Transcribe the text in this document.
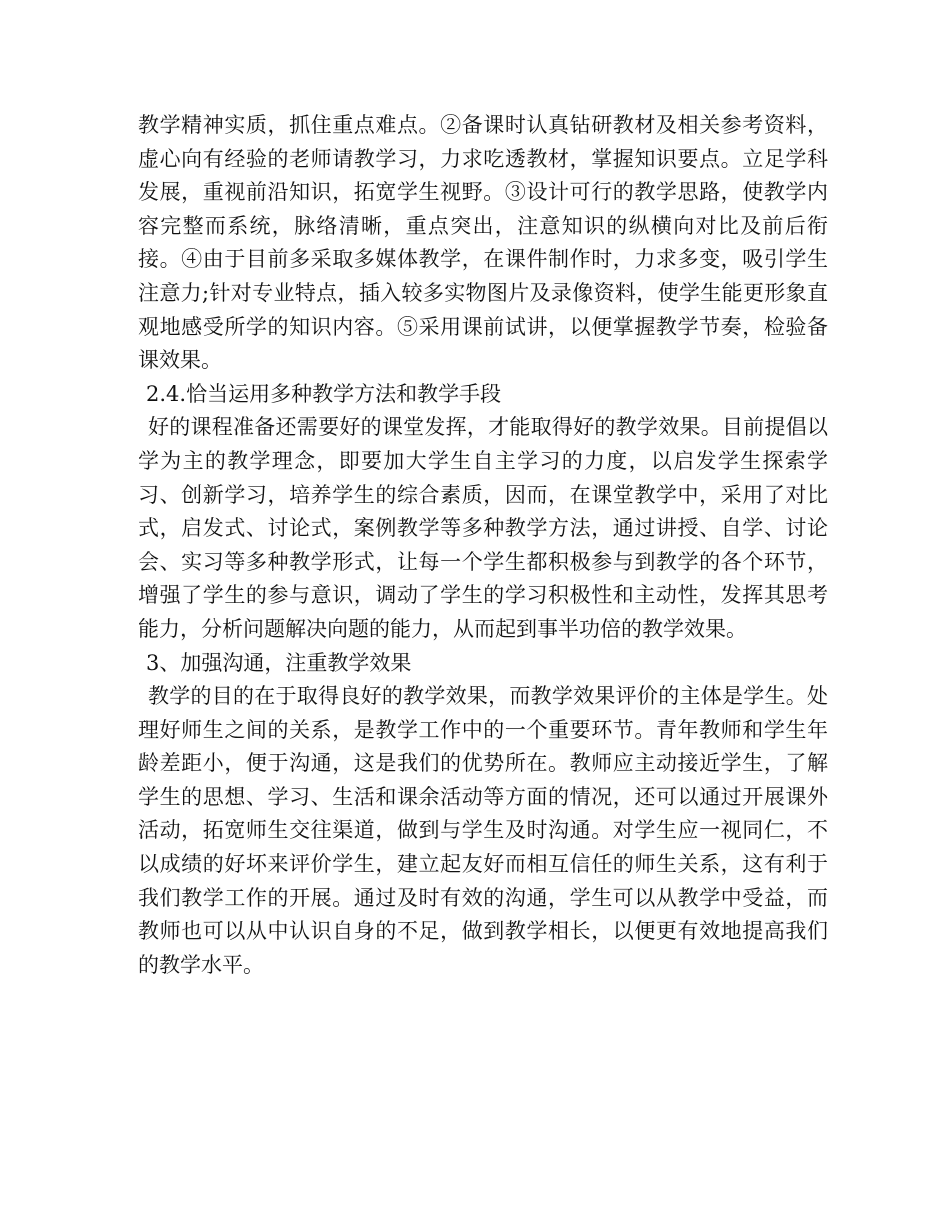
教学精神实质，抓住重点难点。②备课时认真钻研教材及相关参考资料，虚心向有经验的老师请教学习，力求吃透教材，掌握知识要点。立足学科发展，重视前沿知识，拓宽学生视野。③设计可行的教学思路，使教学内容完整而系统，脉络清晰，重点突出，注意知识的纵横向对比及前后衔接。④由于目前多采取多媒体教学，在课件制作时，力求多变，吸引学生注意力;针对专业特点，插入较多实物图片及录像资料，使学生能更形象直观地感受所学的知识内容。⑤采用课前试讲，以便掌握教学节奏，检验备课效果。

2.4.恰当运用多种教学方法和教学手段

好的课程准备还需要好的课堂发挥，才能取得好的教学效果。目前提倡以学为主的教学理念，即要加大学生自主学习的力度，以启发学生探索学习、创新学习，培养学生的综合素质，因而，在课堂教学中，采用了对比式，启发式、讨论式，案例教学等多种教学方法，通过讲授、自学、讨论会、实习等多种教学形式，让每一个学生都积极参与到教学的各个环节，增强了学生的参与意识，调动了学生的学习积极性和主动性，发挥其思考能力，分析问题解决向题的能力，从而起到事半功倍的教学效果。

3、加强沟通，注重教学效果

教学的目的在于取得良好的教学效果，而教学效果评价的主体是学生。处理好师生之间的关系，是教学工作中的一个重要环节。青年教师和学生年龄差距小，便于沟通，这是我们的优势所在。教师应主动接近学生，了解学生的思想、学习、生活和课余活动等方面的情况，还可以通过开展课外活动，拓宽师生交往渠道，做到与学生及时沟通。对学生应一视同仁，不以成绩的好坏来评价学生，建立起友好而相互信任的师生关系，这有利于我们教学工作的开展。通过及时有效的沟通，学生可以从教学中受益，而教师也可以从中认识自身的不足，做到教学相长，以便更有效地提高我们的教学水平。
